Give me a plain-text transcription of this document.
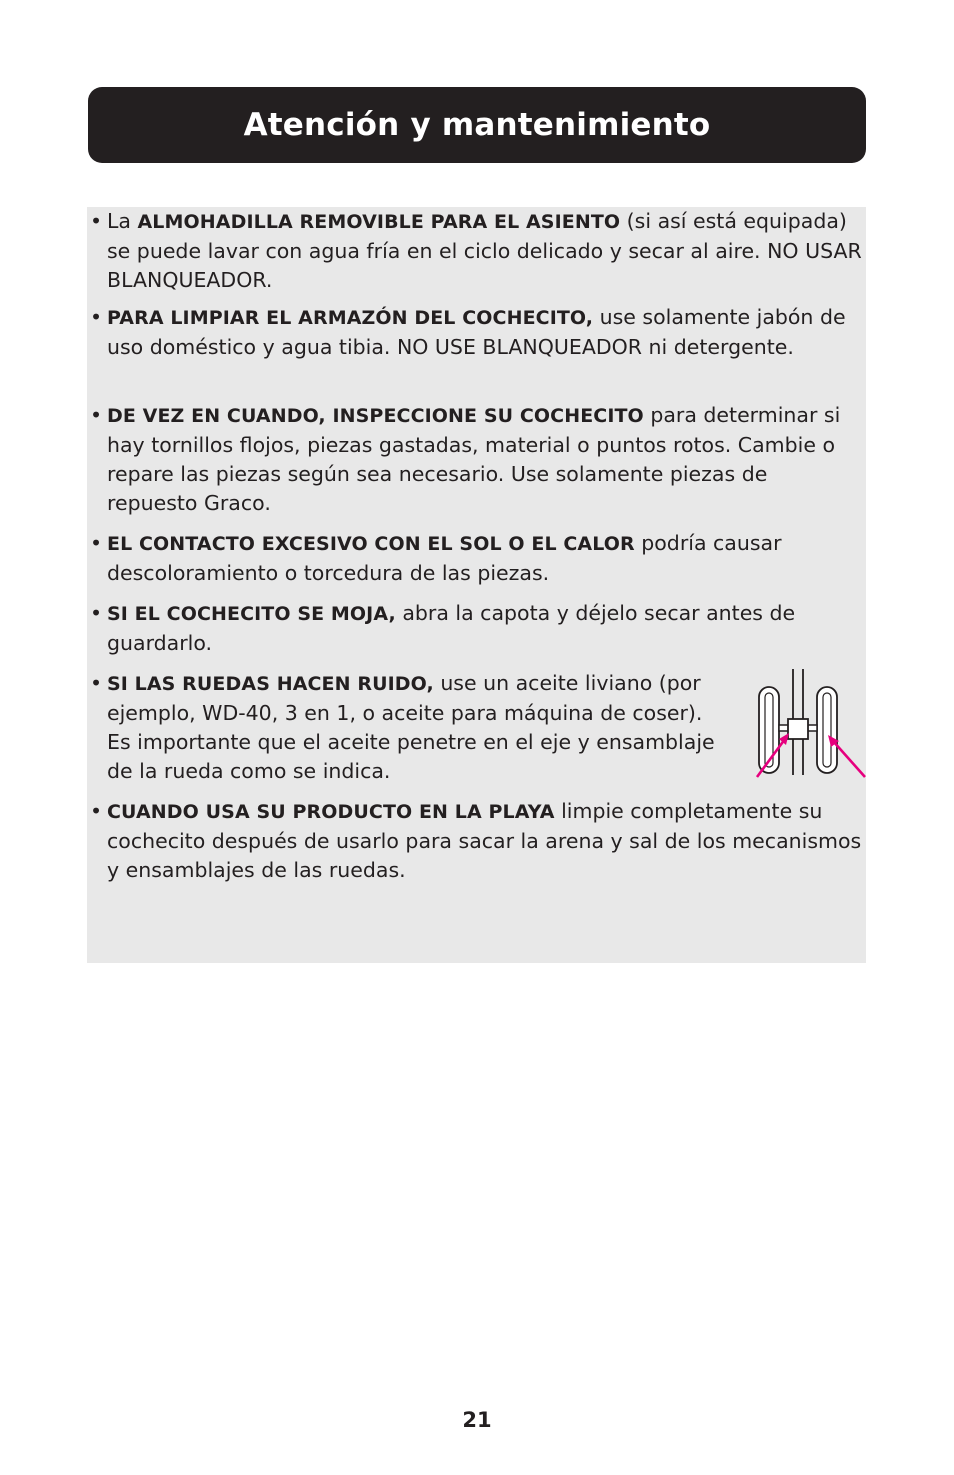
Atención y mantenimiento
• La ALMOHADILLA REMOVIBLE PARA EL ASIENTO (si así está equipada) se puede lavar con agua fría en el ciclo delicado y secar al aire. NO USAR BLANQUEADOR.
• PARA LIMPIAR EL ARMAZÓN DEL COCHECITO, use solamente jabón de uso doméstico y agua tibia. NO USE BLANQUEADOR ni detergente.
• DE VEZ EN CUANDO, INSPECCIONE SU COCHECITO para determinar si hay tornillos flojos, piezas gastadas, material o puntos rotos. Cambie o repare las piezas según sea necesario. Use solamente piezas de repuesto Graco.
• EL CONTACTO EXCESIVO CON EL SOL O EL CALOR podría causar descoloramiento o torcedura de las piezas.
• SI EL COCHECITO SE MOJA, abra la capota y déjelo secar antes de guardarlo.
• SI LAS RUEDAS HACEN RUIDO, use un aceite liviano (por ejemplo, WD-40, 3 en 1, o aceite para máquina de coser). Es importante que el aceite penetre en el eje y ensamblaje de la rueda como se indica.
• CUANDO USA SU PRODUCTO EN LA PLAYA limpie completamente su cochecito después de usarlo para sacar la arena y sal de los mecanismos y ensamblajes de las ruedas.
21
